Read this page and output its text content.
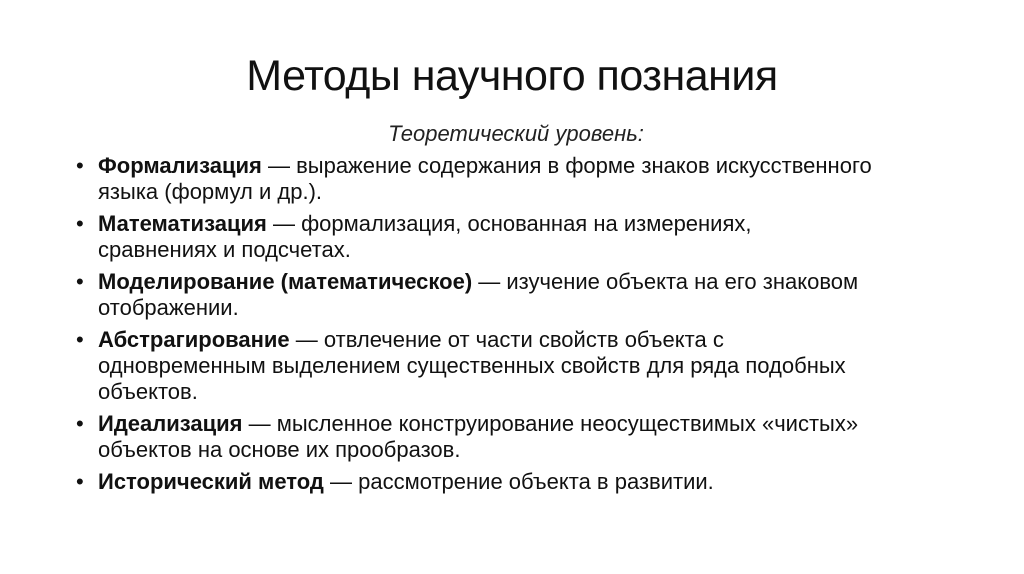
Методы научного познания
Теоретический уровень:
• Формализация — выражение содержания в форме знаков искусственного языка (формул и др.).
• Математизация — формализация, основанная на измерениях, сравнениях и подсчетах.
• Моделирование (математическое) — изучение объекта на его знаковом отображении.
• Абстрагирование — отвлечение от части свойств объекта с одновременным выделением существенных свойств для ряда подобных объектов.
• Идеализация — мысленное конструирование неосуществимых «чистых» объектов на основе их прообразов.
• Исторический метод — рассмотрение объекта в развитии.
